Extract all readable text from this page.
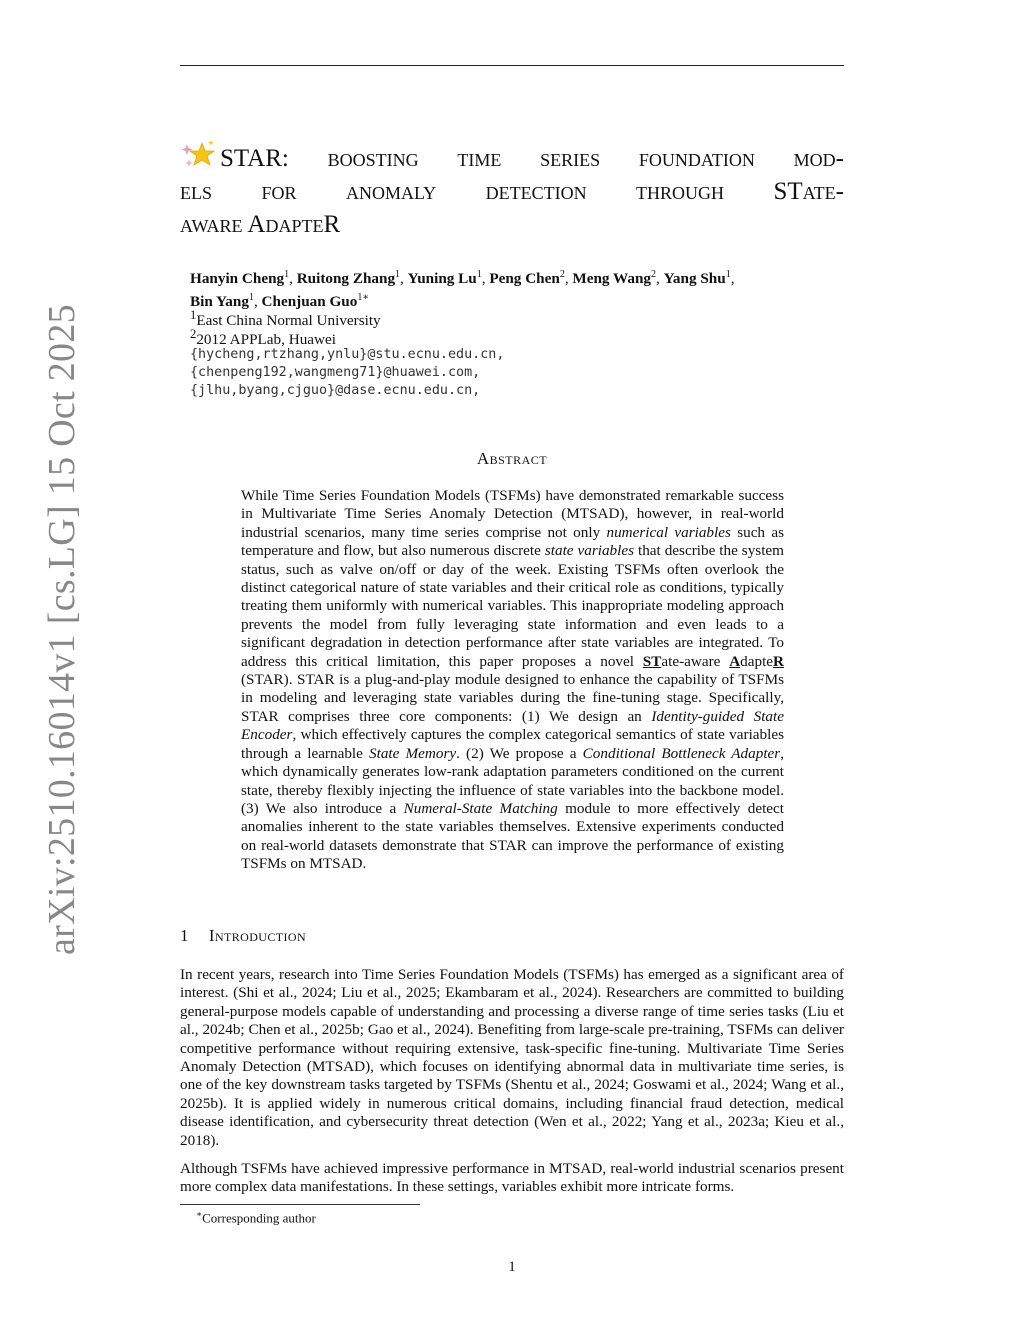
arXiv:2510.16014v1 [cs.LG] 15 Oct 2025
STAR: boosting time series foundation mod-
els for anomaly detection through STate-
aware AdapteR
Hanyin Cheng$^1$, Ruitong Zhang$^1$, Yuning Lu$^1$, Peng Chen$^2$, Meng Wang$^2$, Yang Shu$^1$,
Bin Yang$^1$, Chenjuan Guo$^{1∗}$
$^1$East China Normal University
$^2$2012 APPLab, Huawei
{hycheng,rtzhang,ynlu}@stu.ecnu.edu.cn,
{chenpeng192,wangmeng71}@huawei.com,
{jlhu,byang,cjguo}@dase.ecnu.edu.cn,
Abstract
While Time Series Foundation Models (TSFMs) have demonstrated remarkable success in Multivariate Time Series Anomaly Detection (MTSAD), however, in real-world industrial scenarios, many time series comprise not only numerical variables such as temperature and flow, but also numerous discrete state variables that describe the system status, such as valve on/off or day of the week. Existing TSFMs often overlook the distinct categorical nature of state variables and their critical role as conditions, typically treating them uniformly with numerical variables. This inappropriate modeling approach prevents the model from fully leveraging state information and even leads to a significant degradation in detection performance after state variables are integrated. To address this critical limitation, this paper proposes a novel STate-aware AdapteR (STAR). STAR is a plug-and-play module designed to enhance the capability of TSFMs in modeling and leveraging state variables during the fine-tuning stage. Specifically, STAR comprises three core components: (1) We design an Identity-guided State Encoder, which effectively captures the complex categorical semantics of state variables through a learnable State Memory. (2) We propose a Conditional Bottleneck Adapter, which dynamically generates low-rank adaptation parameters conditioned on the current state, thereby flexibly injecting the influence of state variables into the backbone model. (3) We also introduce a Numeral-State Matching module to more effectively detect anomalies inherent to the state variables themselves. Extensive experiments conducted on real-world datasets demonstrate that STAR can improve the performance of existing TSFMs on MTSAD.
1 Introduction
In recent years, research into Time Series Foundation Models (TSFMs) has emerged as a significant area of interest. (Shi et al., 2024; Liu et al., 2025; Ekambaram et al., 2024). Researchers are committed to building general-purpose models capable of understanding and processing a diverse range of time series tasks (Liu et al., 2024b; Chen et al., 2025b; Gao et al., 2024). Benefiting from large-scale pre-training, TSFMs can deliver competitive performance without requiring extensive, task-specific fine-tuning. Multivariate Time Series Anomaly Detection (MTSAD), which focuses on identifying abnormal data in multivariate time series, is one of the key downstream tasks targeted by TSFMs (Shentu et al., 2024; Goswami et al., 2024; Wang et al., 2025b). It is applied widely in numerous critical domains, including financial fraud detection, medical disease identification, and cybersecurity threat detection (Wen et al., 2022; Yang et al., 2023a; Kieu et al., 2018).
Although TSFMs have achieved impressive performance in MTSAD, real-world industrial scenarios present more complex data manifestations. In these settings, variables exhibit more intricate forms.
∗Corresponding author
1
